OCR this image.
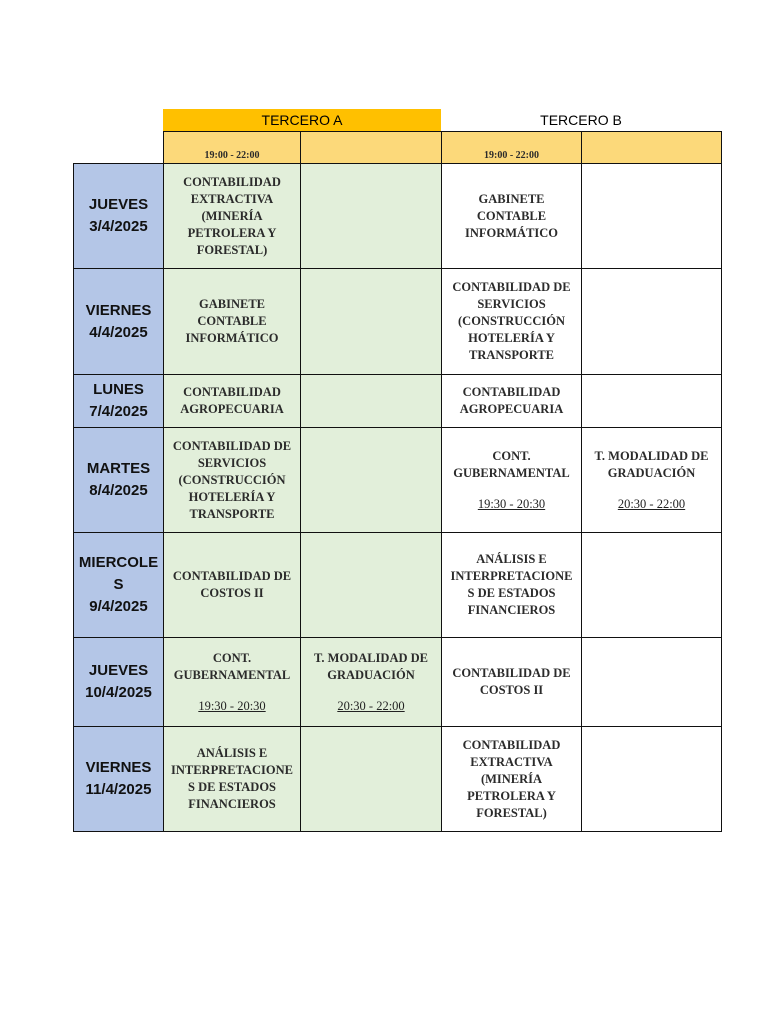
TERCERO A	TERCERO B
	19:00 - 22:00		19:00 - 22:00	

JUEVES
3/4/2025	CONTABILIDAD
EXTRACTIVA
(MINERÍA
PETROLERA Y
FORESTAL)		GABINETE
CONTABLE
INFORMÁTICO	

VIERNES
4/4/2025	GABINETE
CONTABLE
INFORMÁTICO		CONTABILIDAD DE
SERVICIOS
(CONSTRUCCIÓN
HOTELERÍA Y
TRANSPORTE	

LUNES
7/4/2025	CONTABILIDAD
AGROPECUARIA		CONTABILIDAD
AGROPECUARIA	

MARTES
8/4/2025	CONTABILIDAD DE
SERVICIOS
(CONSTRUCCIÓN
HOTELERÍA Y
TRANSPORTE		CONT.
GUBERNAMENTAL
19:30 - 20:30	T. MODALIDAD DE
GRADUACIÓN
20:30 - 22:00

MIERCOLE
S
9/4/2025	CONTABILIDAD DE
COSTOS II		ANÁLISIS E
INTERPRETACIONE
S DE ESTADOS
FINANCIEROS	

JUEVES
10/4/2025	CONT.
GUBERNAMENTAL
19:30 - 20:30	T. MODALIDAD DE
GRADUACIÓN
20:30 - 22:00	CONTABILIDAD DE
COSTOS II	

VIERNES
11/4/2025	ANÁLISIS E
INTERPRETACIONE
S DE ESTADOS
FINANCIEROS		CONTABILIDAD
EXTRACTIVA
(MINERÍA
PETROLERA Y
FORESTAL)	
